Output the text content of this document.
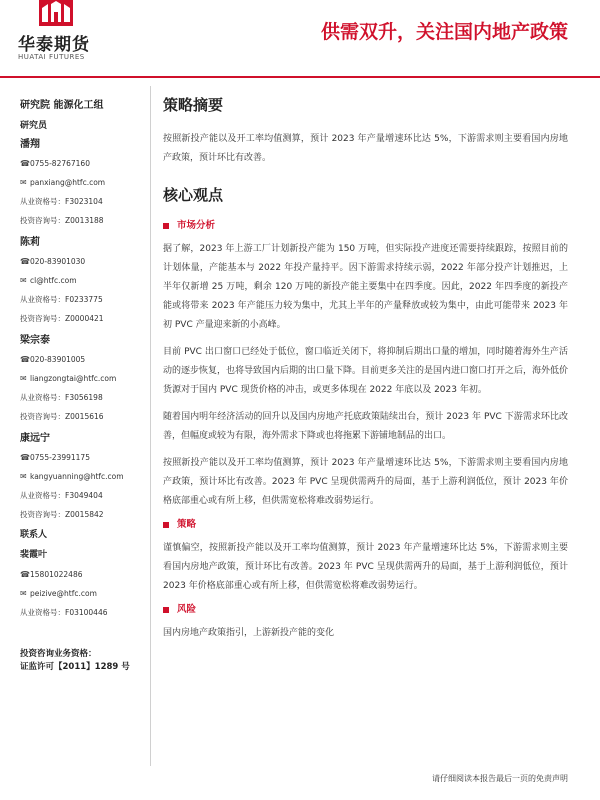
华泰期货
HUATAI FUTURES
供需双升，关注国内地产政策
研究院 能源化工组
研究员
潘翔
☎0755-82767160
✉ panxiang@htfc.com
从业资格号：F3023104
投资咨询号：Z0013188
陈莉
☎020-83901030
✉ cl@htfc.com
从业资格号：F0233775
投资咨询号：Z0000421
梁宗泰
☎020-83901005
✉ liangzongtai@htfc.com
从业资格号：F3056198
投资咨询号：Z0015616
康远宁
☎0755-23991175
✉ kangyuanning@htfc.com
从业资格号：F3049404
投资咨询号：Z0015842
联系人
裴霞叶
☎15801022486
✉ peizive@htfc.com
从业资格号：F03100446
投资咨询业务资格：
证监许可【2011】1289 号
策略摘要

按照新投产能以及开工率均值测算，预计 2023 年产量增速环比达 5%，下游需求则主要看国内房地产政策，预计环比有改善。

核心观点
市场分析

据了解，2023 年上游工厂计划新投产能为 150 万吨，但实际投产进度还需要持续跟踪，按照目前的计划体量，产能基本与 2022 年投产量持平。因下游需求持续示弱，2022 年部分投产计划推迟，上半年仅新增 25 万吨，剩余 120 万吨的新投产能主要集中在四季度。因此，2022 年四季度的新投产能或将带来 2023 年产能压力较为集中，尤其上半年的产量释放或较为集中，由此可能带来 2023 年初 PVC 产量迎来新的小高峰。

目前 PVC 出口窗口已经处于低位，窗口临近关闭下，将抑制后期出口量的增加，同时随着海外生产活动的逐步恢复，也将导致国内后期的出口量下降。目前更多关注的是国内进口窗口打开之后，海外低价货源对于国内 PVC 现货价格的冲击，或更多体现在 2022 年底以及 2023 年初。

随着国内明年经济活动的回升以及国内房地产托底政策陆续出台，预计 2023 年 PVC 下游需求环比改善，但幅度或较为有限，海外需求下降或也将拖累下游铺地制品的出口。

按照新投产能以及开工率均值测算，预计 2023 年产量增速环比达 5%，下游需求则主要看国内房地产政策，预计环比有改善。2023 年 PVC 呈现供需两升的局面，基于上游利润低位，预计 2023 年价格底部重心或有所上移，但供需宽松将难改弱势运行。

策略

谨慎偏空，按照新投产能以及开工率均值测算，预计 2023 年产量增速环比达 5%，下游需求则主要看国内房地产政策，预计环比有改善。2023 年 PVC 呈现供需两升的局面，基于上游利润低位，预计 2023 年价格底部重心或有所上移，但供需宽松将难改弱势运行。

风险

国内房地产政策指引，上游新投产能的变化

请仔细阅读本报告最后一页的免责声明
